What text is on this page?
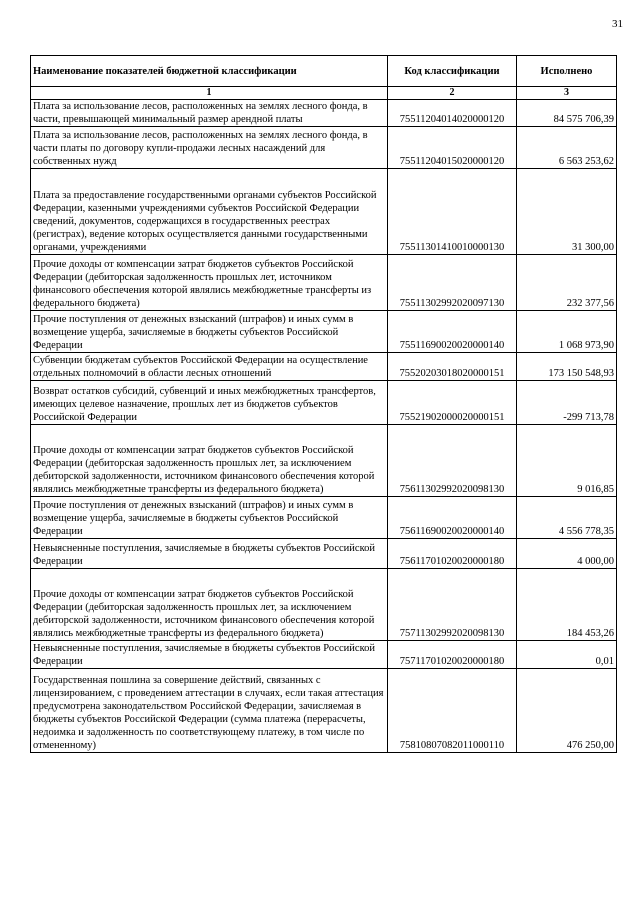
31
Наименование показателей бюджетной классификации	Код классификации	Исполнено
1	2	3
Плата за использование лесов, расположенных на землях лесного фонда, в части, превышающей минимальный размер арендной платы	75511204014020000120	84 575 706,39
Плата за использование лесов, расположенных на землях лесного фонда, в части платы по договору купли-продажи лесных насаждений для собственных нужд	75511204015020000120	6 563 253,62
Плата за предоставление государственными органами субъектов Российской Федерации, казенными учреждениями субъектов Российской Федерации сведений, документов, содержащихся в государственных реестрах (регистрах), ведение которых осуществляется данными государственными органами, учреждениями	75511301410010000130	31 300,00
Прочие доходы от компенсации затрат бюджетов субъектов Российской Федерации (дебиторская задолженность прошлых лет, источником финансового обеспечения которой являлись межбюджетные трансферты из федерального бюджета)	75511302992020097130	232 377,56
Прочие поступления от денежных взысканий (штрафов) и иных сумм в возмещение ущерба, зачисляемые в бюджеты субъектов Российской Федерации	75511690020020000140	1 068 973,90
Субвенции бюджетам субъектов Российской Федерации на осуществление отдельных полномочий в области лесных отношений	75520203018020000151	173 150 548,93
Возврат остатков субсидий, субвенций и иных межбюджетных трансфертов, имеющих целевое назначение, прошлых лет из бюджетов субъектов Российской Федерации	75521902000020000151	-299 713,78
Прочие доходы от компенсации затрат бюджетов субъектов Российской Федерации (дебиторская задолженность прошлых лет, за исключением дебиторской задолженности, источником финансового обеспечения которой являлись межбюджетные трансферты из федерального бюджета)	75611302992020098130	9 016,85
Прочие поступления от денежных взысканий (штрафов) и иных сумм в возмещение ущерба, зачисляемые в бюджеты субъектов Российской Федерации	75611690020020000140	4 556 778,35
Невыясненные поступления, зачисляемые в бюджеты субъектов Российской Федерации	75611701020020000180	4 000,00
Прочие доходы от компенсации затрат бюджетов субъектов Российской Федерации (дебиторская задолженность прошлых лет, за исключением дебиторской задолженности, источником финансового обеспечения которой являлись межбюджетные трансферты из федерального бюджета)	75711302992020098130	184 453,26
Невыясненные поступления, зачисляемые в бюджеты субъектов Российской Федерации	75711701020020000180	0,01
Государственная пошлина за совершение действий, связанных с лицензированием, с проведением аттестации в случаях, если такая аттестация предусмотрена законодательством Российской Федерации, зачисляемая в бюджеты субъектов Российской Федерации (сумма платежа (перерасчеты, недоимка и задолженность по соответствующему платежу, в том числе по отмененному)	75810807082011000110	476 250,00
